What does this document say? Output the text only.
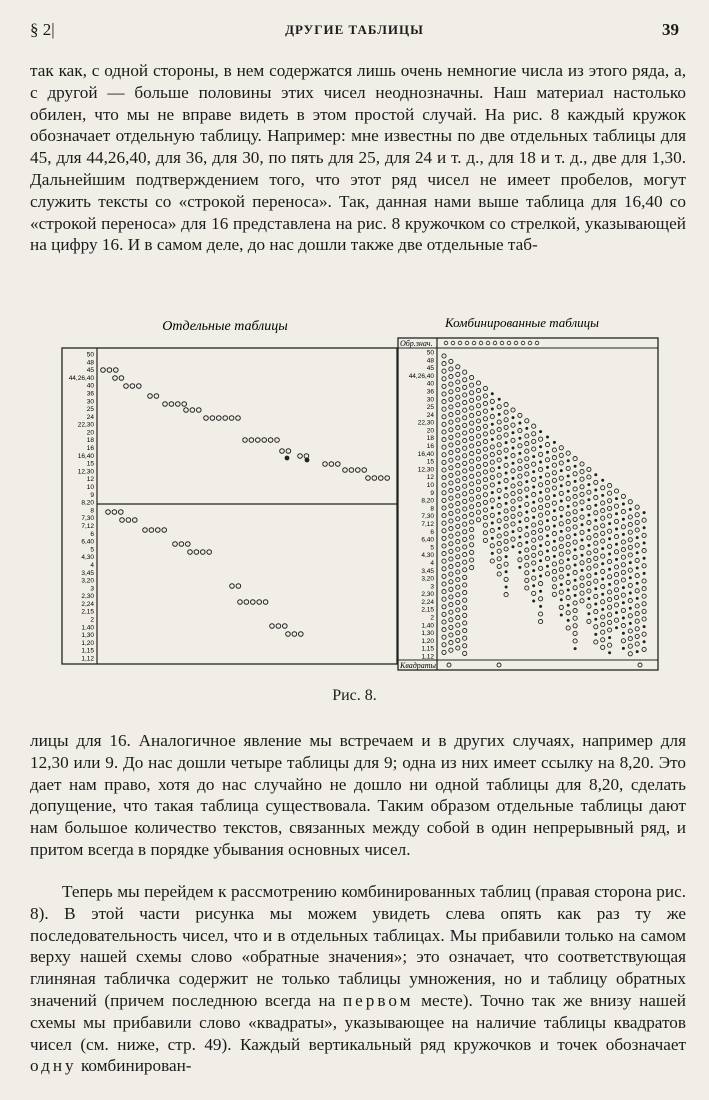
§ 2|	ДРУГИЕ ТАБЛИЦЫ	39

так как, с одной стороны, в нем содержатся лишь очень немногие числа из этого ряда, а, с другой — больше половины этих чисел неоднозначны. Наш материал настолько обилен, что мы не вправе видеть в этом простой случай. На рис. 8 каждый кружок обозначает отдельную таблицу. Например: мне известны по две отдельных таблицы для 45, для 44,26,40, для 36, для 30, по пять для 25, для 24 и т. д., для 18 и т. д., две для 1,30. Дальнейшим подтверждением того, что этот ряд чисел не имеет пробелов, могут служить тексты со «строкой переноса». Так, данная нами выше таблица для 16,40 со «строкой переноса» для 16 представлена на рис. 8 кружочком со стрелкой, указывающей на цифру 16. И в самом деле, до нас дошли также две отдельные таб-

Отдельные таблицы	Комбинированные таблицы
50
48
45
44,26,40
40
36
30
25
24
22,30
20
18
16
16,40
15
12,30
12
10
9
8,20
8
7,30
7,12
6
6,40
5
4,30
4
3,45
3,20
3
2,30
2,24
2,15
2
1,40
1,30
1,20
1,15
1,12
Обр.знач.
Квадраты
50
48
45
44,26,40
40
36
30
25
24
22,30
20
18
16
16,40
15
12,30
12
10
9
8,20
8
7,30
7,12
6
6,40
5
4,30
4
3,45
3,20
3
2,30
2,24
2,15
2
1,40
1,30
1,20
1,15
1,12
Рис. 8.

лицы для 16. Аналогичное явление мы встречаем и в других случаях, например для 12,30 или 9. До нас дошли четыре таблицы для 9; одна из них имеет ссылку на 8,20. Это дает нам право, хотя до нас случайно не дошло ни одной таблицы для 8,20, сделать допущение, что такая таблица существовала. Таким образом отдельные таблицы дают нам большое количество текстов, связанных между собой в один непрерывный ряд, и притом всегда в порядке убывания основных чисел.

Теперь мы перейдем к рассмотрению комбинированных таблиц (правая сторона рис. 8). В этой части рисунка мы можем увидеть слева опять как раз ту же последовательность чисел, что и в отдельных таблицах. Мы прибавили только на самом верху нашей схемы слово «обратные значения»; это означает, что соответствующая глиняная табличка содержит не только таблицы умножения, но и таблицу обратных значений (причем последнюю всегда на первом месте). Точно так же внизу нашей схемы мы прибавили слово «квадраты», указывающее на наличие таблицы квадратов чисел (см. ниже, стр. 49). Каждый вертикальный ряд кружочков и точек обозначает одну комбинирован-
